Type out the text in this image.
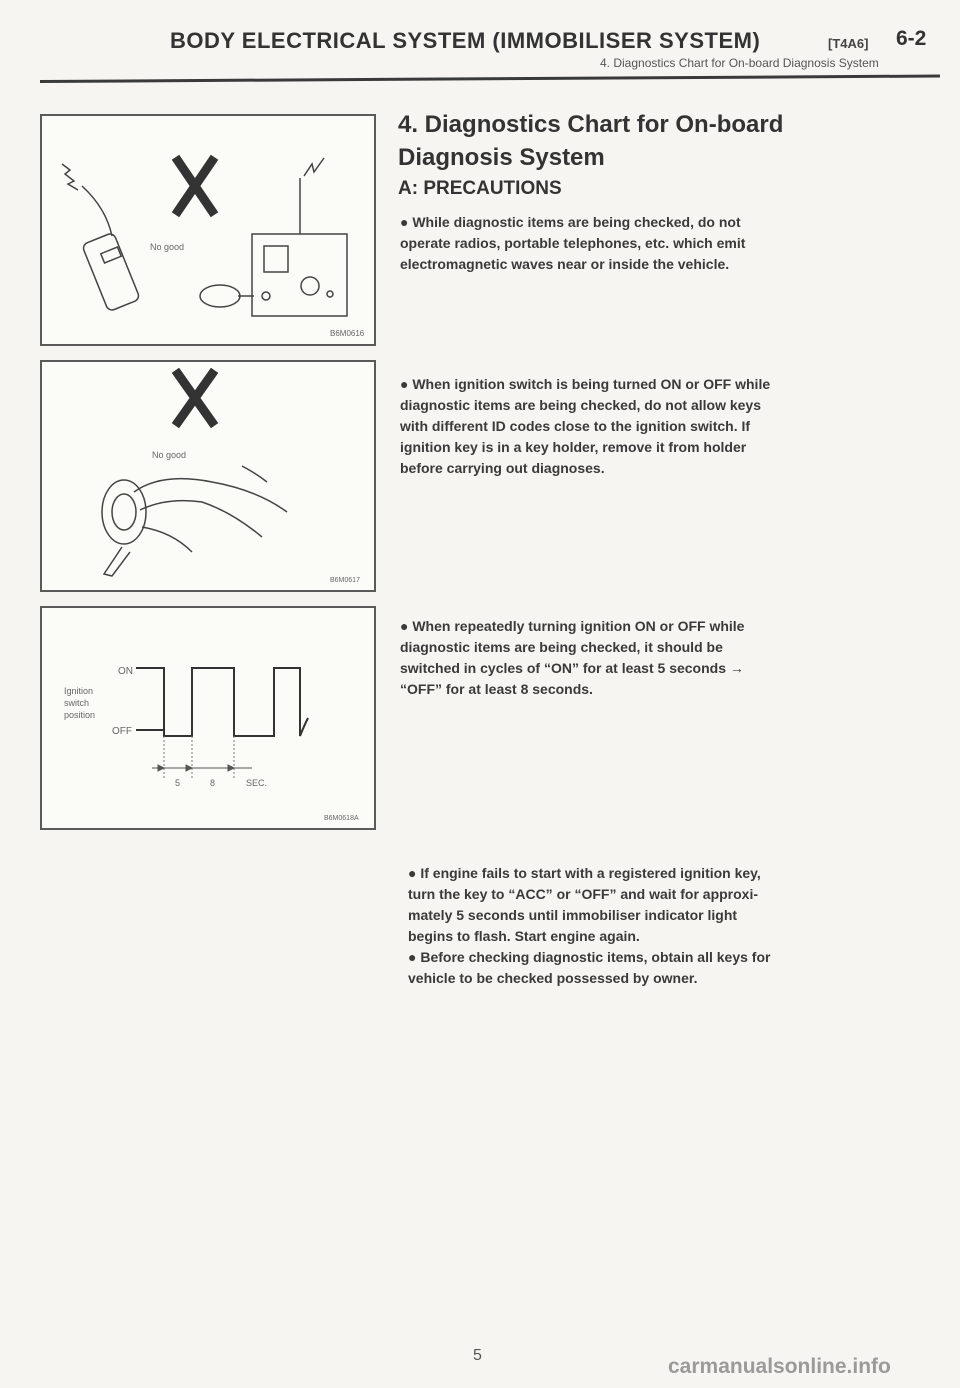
BODY ELECTRICAL SYSTEM (IMMOBILISER SYSTEM)	[T4A6] 6-2
4. Diagnostics Chart for On-board Diagnosis System
No good
B6M0616
No good
B6M0617
Ignition
switch
position
ON
OFF
5	8	SEC.
B6M0618A
4. Diagnostics Chart for On-board
Diagnosis System
A: PRECAUTIONS
● While diagnostic items are being checked, do not
operate radios, portable telephones, etc. which emit
electromagnetic waves near or inside the vehicle.
● When ignition switch is being turned ON or OFF while
diagnostic items are being checked, do not allow keys
with different ID codes close to the ignition switch. If
ignition key is in a key holder, remove it from holder
before carrying out diagnoses.
● When repeatedly turning ignition ON or OFF while
diagnostic items are being checked, it should be
switched in cycles of “ON” for at least 5 seconds →
“OFF” for at least 8 seconds.
● If engine fails to start with a registered ignition key,
turn the key to “ACC” or “OFF” and wait for approxi-
mately 5 seconds until immobiliser indicator light
begins to flash. Start engine again.
● Before checking diagnostic items, obtain all keys for
vehicle to be checked possessed by owner.
5	carmanualsonline.info
